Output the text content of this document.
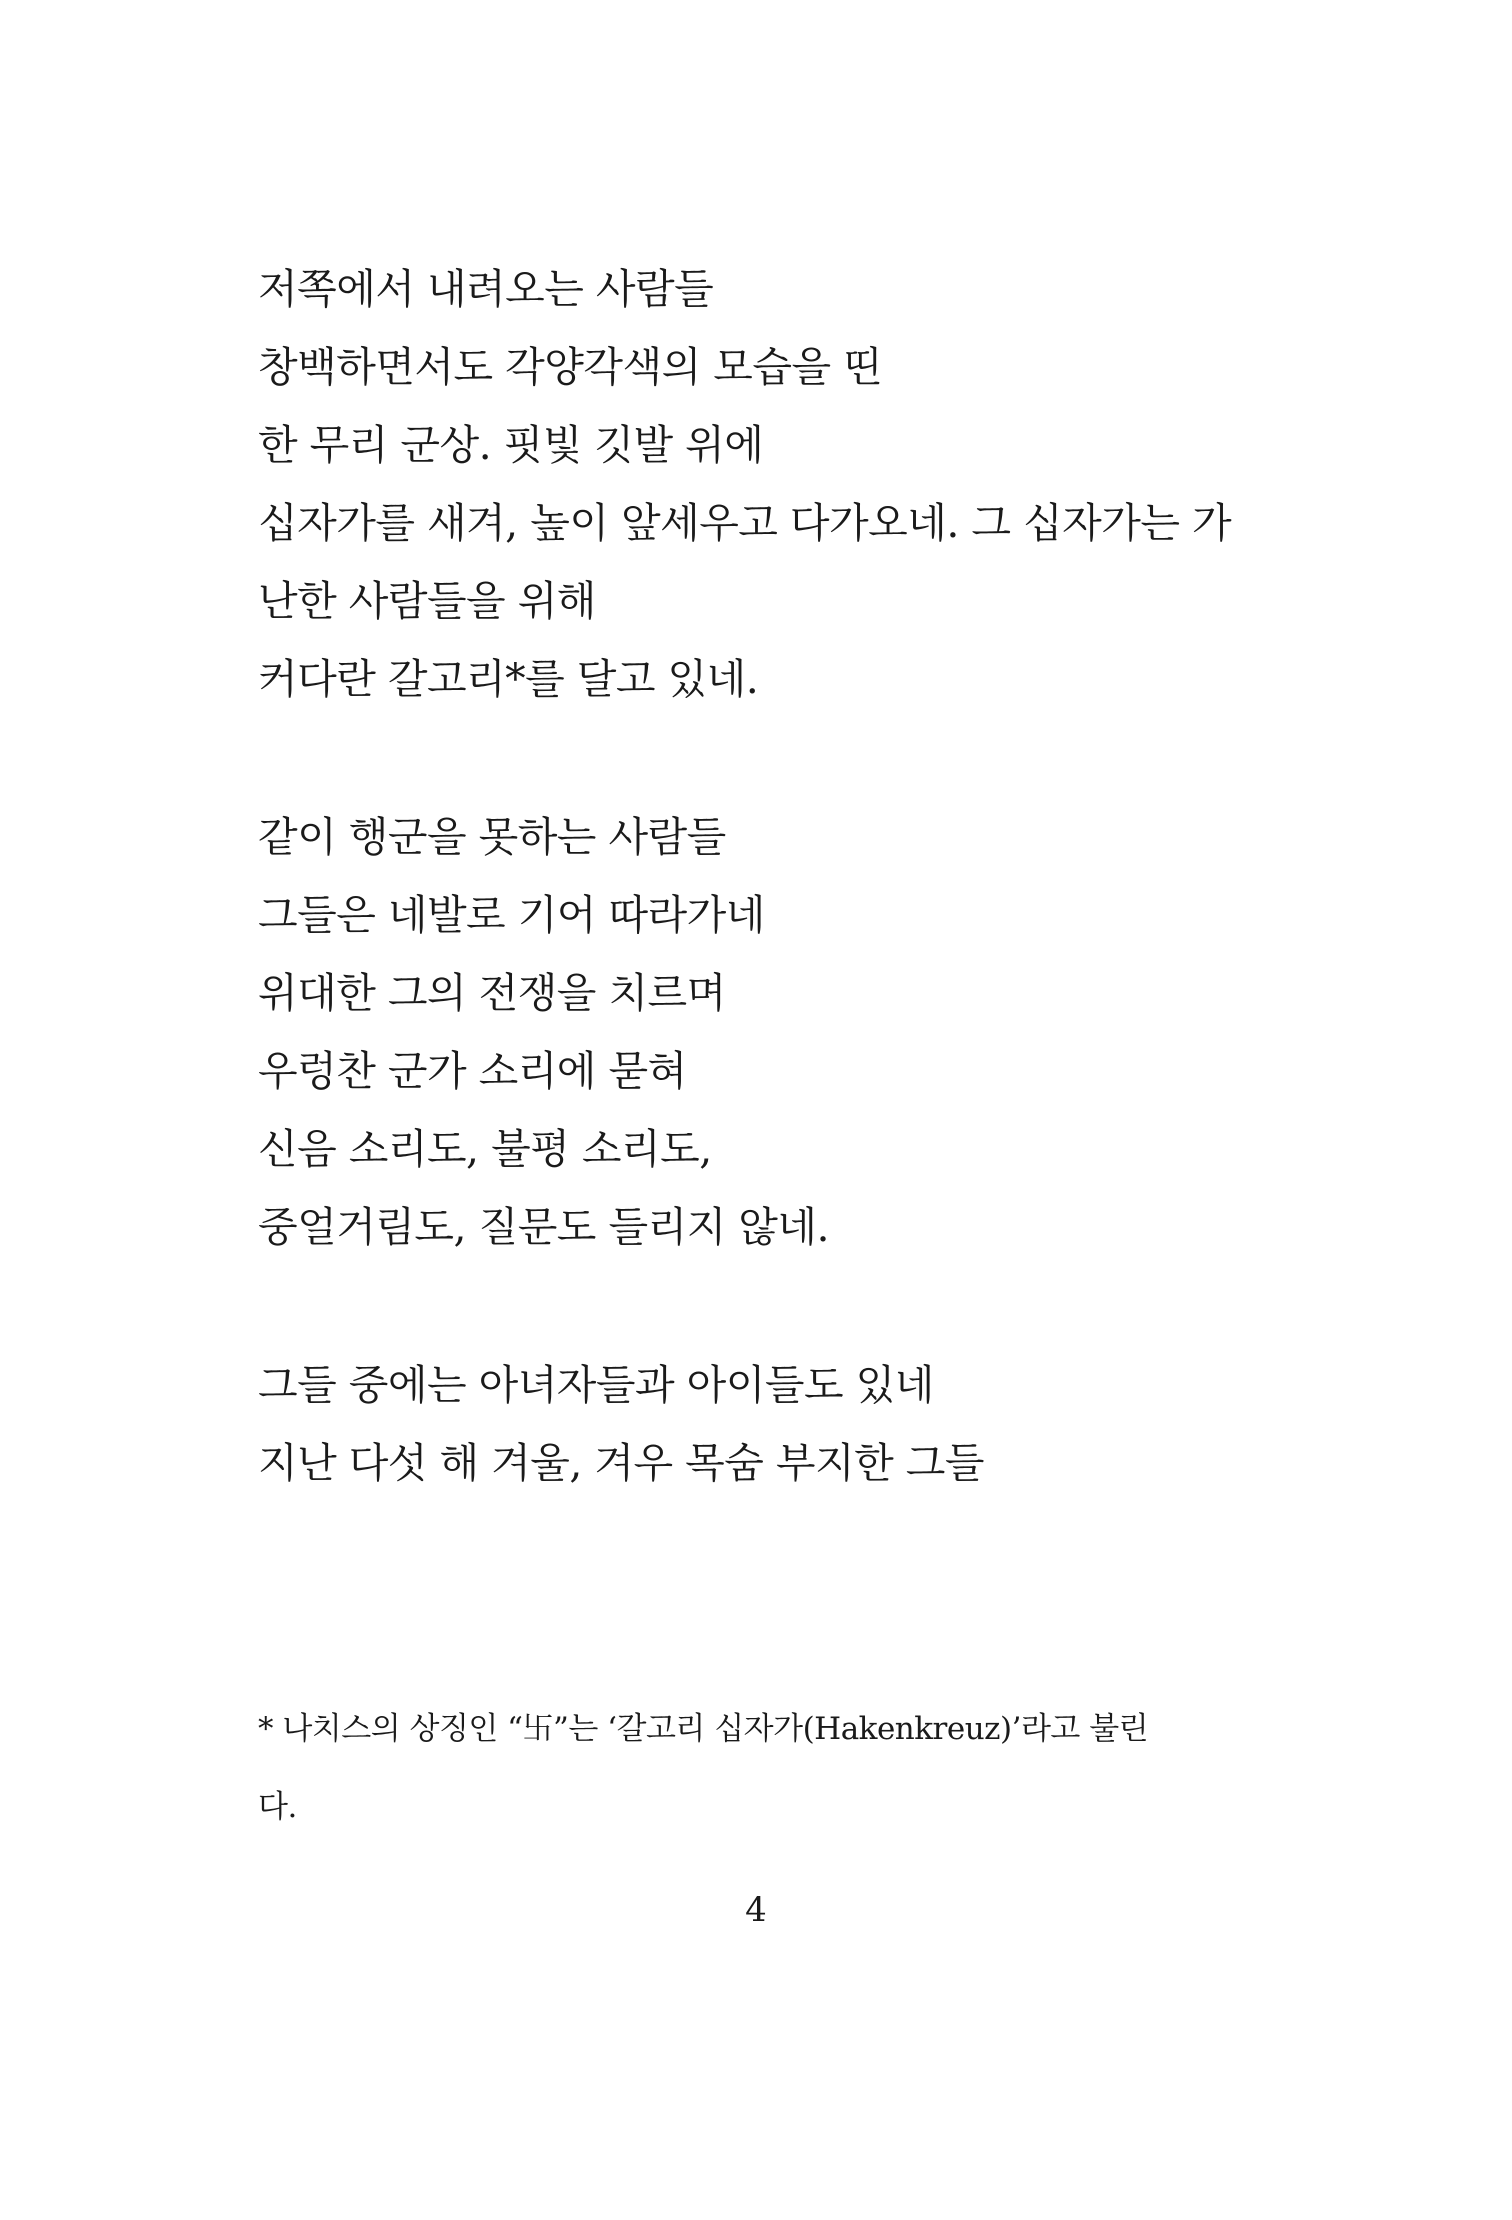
저쪽에서 내려오는 사람들
창백하면서도 각양각색의 모습을 띤
한 무리 군상. 핏빛 깃발 위에
십자가를 새겨, 높이 앞세우고 다가오네. 그 십자가는 가
난한 사람들을 위해
커다란 갈고리*를 달고 있네.
같이 행군을 못하는 사람들
그들은 네발로 기어 따라가네
위대한 그의 전쟁을 치르며
우렁찬 군가 소리에 묻혀
신음 소리도, 불평 소리도,
중얼거림도, 질문도 들리지 않네.
그들 중에는 아녀자들과 아이들도 있네
지난 다섯 해 겨울, 겨우 목숨 부지한 그들
* 나치스의 상징인 “卐”는 ‘갈고리 십자가(Hakenkreuz)’라고 불린
다.
4
